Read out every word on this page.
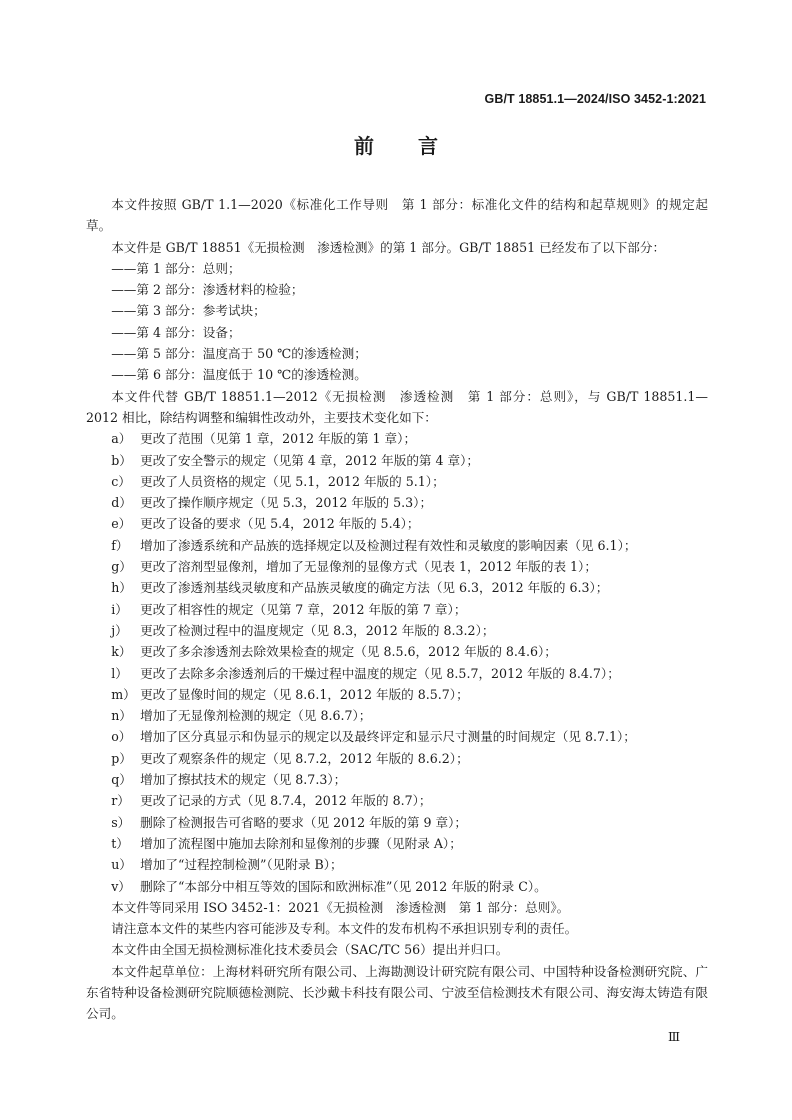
GB/T 18851.1—2024/ISO 3452-1:2021
前言

本文件按照 GB/T 1.1—2020《标准化工作导则　第 1 部分：标准化文件的结构和起草规则》的规定起草。

本文件是 GB/T 18851《无损检测　渗透检测》的第 1 部分。GB/T 18851 已经发布了以下部分：

——第 1 部分：总则；

——第 2 部分：渗透材料的检验；

——第 3 部分：参考试块；

——第 4 部分：设备；

——第 5 部分：温度高于 50 ℃的渗透检测；

——第 6 部分：温度低于 10 ℃的渗透检测。

本文件代替 GB/T 18851.1—2012《无损检测　渗透检测　第 1 部分：总则》，与 GB/T 18851.1—2012 相比，除结构调整和编辑性改动外，主要技术变化如下：

a） 更改了范围（见第 1 章，2012 年版的第 1 章）；
b） 更改了安全警示的规定（见第 4 章，2012 年版的第 4 章）；
c） 更改了人员资格的规定（见 5.1，2012 年版的 5.1）；
d） 更改了操作顺序规定（见 5.3，2012 年版的 5.3）；
e） 更改了设备的要求（见 5.4，2012 年版的 5.4）；
f） 增加了渗透系统和产品族的选择规定以及检测过程有效性和灵敏度的影响因素（见 6.1）；
g） 更改了溶剂型显像剂，增加了无显像剂的显像方式（见表 1，2012 年版的表 1）；
h） 更改了渗透剂基线灵敏度和产品族灵敏度的确定方法（见 6.3，2012 年版的 6.3）；
i） 更改了相容性的规定（见第 7 章，2012 年版的第 7 章）；
j） 更改了检测过程中的温度规定（见 8.3，2012 年版的 8.3.2）；
k） 更改了多余渗透剂去除效果检查的规定（见 8.5.6，2012 年版的 8.4.6）；
l） 更改了去除多余渗透剂后的干燥过程中温度的规定（见 8.5.7，2012 年版的 8.4.7）；
m） 更改了显像时间的规定（见 8.6.1，2012 年版的 8.5.7）；
n） 增加了无显像剂检测的规定（见 8.6.7）；
o） 增加了区分真显示和伪显示的规定以及最终评定和显示尺寸测量的时间规定（见 8.7.1）；
p） 更改了观察条件的规定（见 8.7.2，2012 年版的 8.6.2）；
q） 增加了擦拭技术的规定（见 8.7.3）；
r） 更改了记录的方式（见 8.7.4，2012 年版的 8.7）；
s） 删除了检测报告可省略的要求（见 2012 年版的第 9 章）；
t） 增加了流程图中施加去除剂和显像剂的步骤（见附录 A）；
u） 增加了“过程控制检测”（见附录 B）；
v） 删除了“本部分中相互等效的国际和欧洲标准”（见 2012 年版的附录 C）。

本文件等同采用 ISO 3452-1：2021《无损检测　渗透检测　第 1 部分：总则》。

请注意本文件的某些内容可能涉及专利。本文件的发布机构不承担识别专利的责任。

本文件由全国无损检测标准化技术委员会（SAC/TC 56）提出并归口。

本文件起草单位：上海材料研究所有限公司、上海勘测设计研究院有限公司、中国特种设备检测研究院、广东省特种设备检测研究院顺德检测院、长沙戴卡科技有限公司、宁波至信检测技术有限公司、海安海太铸造有限公司。

Ⅲ
